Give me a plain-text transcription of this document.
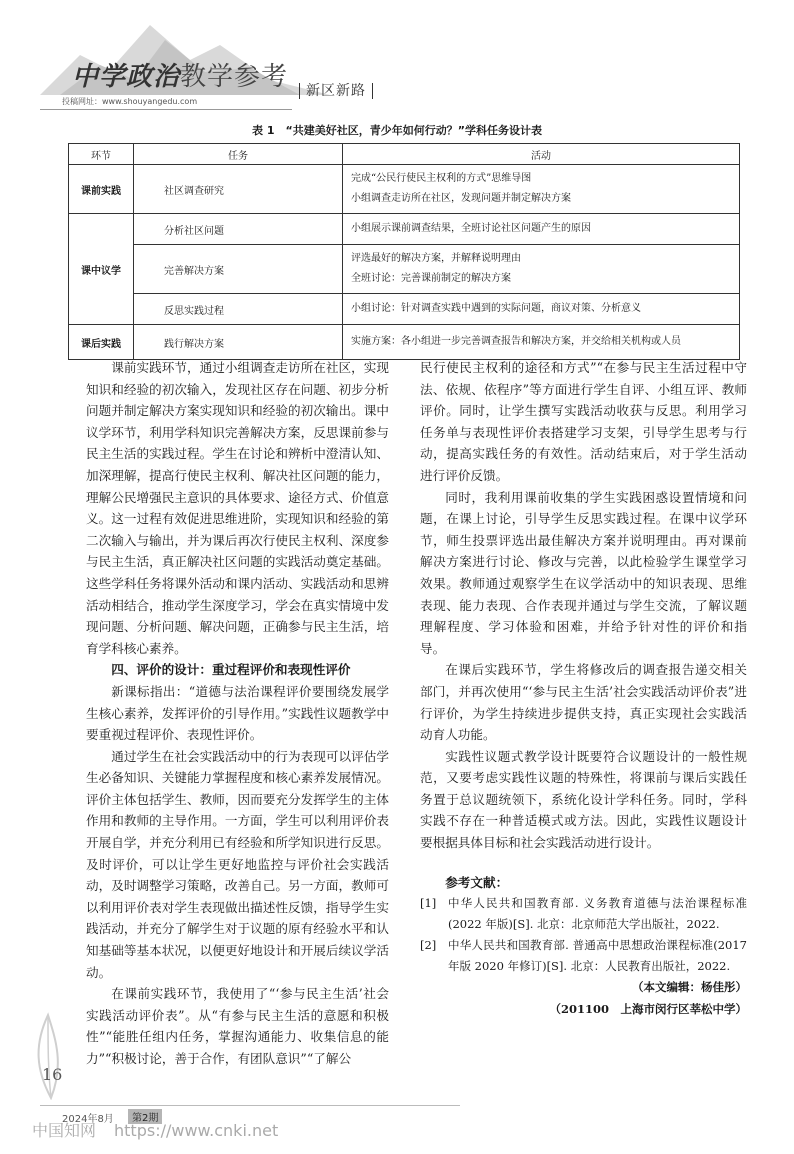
中学政治教学参考	新区新路
投稿网址：www.shouyangedu.com
表 1　“共建美好社区，青少年如何行动？”学科任务设计表
环节	任务	活动
课前实践	社区调查研究	完成“公民行使民主权利的方式”思维导图
小组调查走访所在社区，发现问题并制定解决方案

课中议学	分析社区问题	小组展示课前调查结果，全班讨论社区问题产生的原因

	完善解决方案	评选最好的解决方案，并解释说明理由
全班讨论：完善课前制定的解决方案

	反思实践过程	小组讨论：针对调查实践中遇到的实际问题，商议对策、分析意义

课后实践	践行解决方案	实施方案：各小组进一步完善调查报告和解决方案，并交给相关机构或人员

课前实践环节，通过小组调查走访所在社区，实现知识和经验的初次输入，发现社区存在问题、初步分析问题并制定解决方案实现知识和经验的初次输出。课中议学环节，利用学科知识完善解决方案，反思课前参与民主生活的实践过程。学生在讨论和辨析中澄清认知、加深理解，提高行使民主权利、解决社区问题的能力，理解公民增强民主意识的具体要求、途径方式、价值意义。这一过程有效促进思维进阶，实现知识和经验的第二次输入与输出，并为课后再次行使民主权利、深度参与民主生活，真正解决社区问题的实践活动奠定基础。这些学科任务将课外活动和课内活动、实践活动和思辨活动相结合，推动学生深度学习，学会在真实情境中发现问题、分析问题、解决问题，正确参与民主生活，培育学科核心素养。

四、评价的设计：重过程评价和表现性评价

新课标指出：“道德与法治课程评价要围绕发展学生核心素养，发挥评价的引导作用。”实践性议题教学中要重视过程评价、表现性评价。

通过学生在社会实践活动中的行为表现可以评估学生必备知识、关键能力掌握程度和核心素养发展情况。评价主体包括学生、教师，因而要充分发挥学生的主体作用和教师的主导作用。一方面，学生可以利用评价表开展自学，并充分利用已有经验和所学知识进行反思。及时评价，可以让学生更好地监控与评价社会实践活动，及时调整学习策略，改善自己。另一方面，教师可以利用评价表对学生表现做出描述性反馈，指导学生实践活动，并充分了解学生对于议题的原有经验水平和认知基础等基本状况，以便更好地设计和开展后续议学活动。

在课前实践环节，我使用了“‘参与民主生活’社会实践活动评价表”。从“有参与民主生活的意愿和积极性”“能胜任组内任务，掌握沟通能力、收集信息的能力”“积极讨论，善于合作，有团队意识”“了解公

民行使民主权利的途径和方式”“在参与民主生活过程中守法、依规、依程序”等方面进行学生自评、小组互评、教师评价。同时，让学生撰写实践活动收获与反思。利用学习任务单与表现性评价表搭建学习支架，引导学生思考与行动，提高实践任务的有效性。活动结束后，对于学生活动进行评价反馈。

同时，我利用课前收集的学生实践困惑设置情境和问题，在课上讨论，引导学生反思实践过程。在课中议学环节，师生投票评选出最佳解决方案并说明理由。再对课前解决方案进行讨论、修改与完善，以此检验学生课堂学习效果。教师通过观察学生在议学活动中的知识表现、思维表现、能力表现、合作表现并通过与学生交流，了解议题理解程度、学习体验和困难，并给予针对性的评价和指导。

在课后实践环节，学生将修改后的调查报告递交相关部门，并再次使用“‘参与民主生活’社会实践活动评价表”进行评价，为学生持续进步提供支持，真正实现社会实践活动育人功能。

实践性议题式教学设计既要符合议题设计的一般性规范，又要考虑实践性议题的特殊性，将课前与课后实践任务置于总议题统领下，系统化设计学科任务。同时，学科实践不存在一种普适模式或方法。因此，实践性议题设计要根据具体目标和社会实践活动进行设计。

参考文献：

[1]	中华人民共和国教育部. 义务教育道德与法治课程标准(2022 年版)[S]. 北京：北京师范大学出版社，2022.
[2]	中华人民共和国教育部. 普通高中思想政治课程标准(2017 年版 2020 年修订)[S]. 北京：人民教育出版社，2022.

（本文编辑：杨佳彤）

（201100　上海市闵行区莘松中学）

16
2024年8月	第2期
中国知网 https://www.cnki.net
